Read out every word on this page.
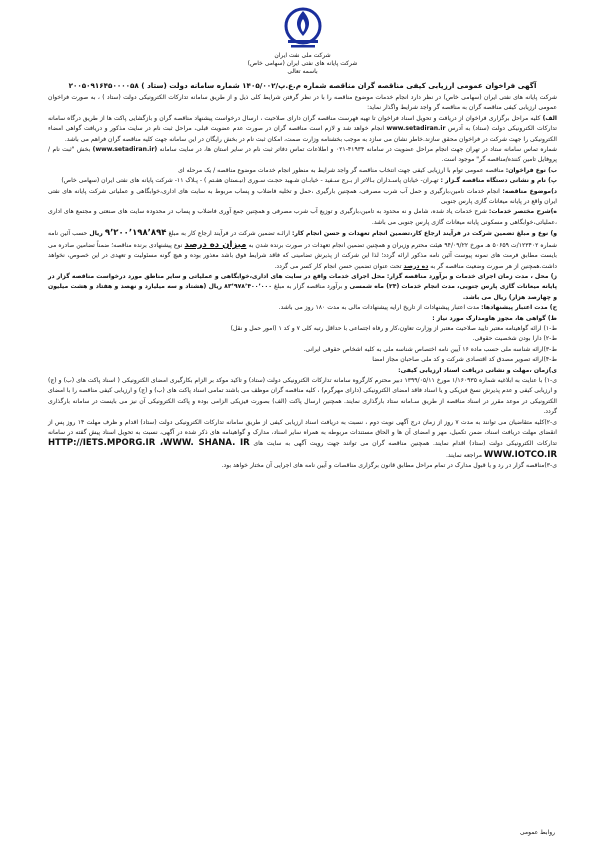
شرکت ملی نفت ایران
شرکت پایانه های نفتی ایران (سهامی خاص)
باسمه تعالی
آگهی فراخوان عمومی ارزیابی کیفی مناقصه گران مناقصه شماره م.ع.پ/۱۴۰۵/۰۰۲ شماره سامانه دولت (ستاد ) ۲۰۰۵۰۹۱۶۴۵۰۰۰۰۵۸

شرکت پایانه های نفتی ایران (سهامی خاص) در نظر دارد انجام خدمات موضوع مناقصه را با در نظر گرفتن شرایط کلی ذیل و از طریق سامانه تدارکات الکترونیکی دولت (ستاد ) ، به صورت فراخوان عمومی ارزیابی کیفی مناقصه گران به مناقصه گر واجد شرایط واگذار نماید:

الف) کلیه مراحل برگزاری فراخوان از دریافت و تحویل اسناد فراخوان تا تهیه فهرست مناقصه گران دارای صلاحیت ، ارسال درخواست پیشنهاد مناقصه گران و بازگشایی پاکت ها از طریق درگاه سامانه تدارکات الکترونیکی دولت (ستاد) به آدرس www.setadiran.ir انجام خواهد شد و لازم است مناقصه گران در صورت عدم عضویت قبلی، مراحل ثبت نام در سایت مذکور و دریافت گواهی امضاء الکترونیکی را جهت شرکت در فراخوان محقق سازند.خاطر نشان می سازد به موجب بخشنامه وزارت صمت، امکان ثبت نام در بخش رایگان در این سامانه جهت کلیه مناقصه گران فراهم می باشد.

شماره تماس سامانه ستاد در تهران جهت انجام مراحل عضویت در سامانه ۴۱۹۳۴-۰۲۱ و اطلاعات تماس دفاتر ثبت نام در سایر استان ها، در سایت سامانه (www.setadiran.ir) بخش "ثبت نام / پروفایل تامین کننده/مناقصه گر" موجود است.

ب) نوع فراخوان: مناقصه عمومی توام با ارزیابی کیفی جهت انتخاب مناقصه گر واجد شرایط به منظور انجام خدمات موضوع مناقصه / یک مرحله ای

پ) نام و نشانی دستگاه مناقصه گـزار : تهـران- خیابان پاسـداران بـالاتر از بـرج سـفید - خیابـان شـهید حجـت سـوری (نیـستان هفـتم ) - پـلاک ۱۱- شرکت پایانه های نفتی ایران (سهامی خاص)

د)موضوع مناقصه: انجام خدمات تامین،بارگیری و حمل آب شرب مصرفی، همچنین بارگیری ،حمل و تخلیه فاضلاب و پساب مربوط به سایت های اداری،خوابگاهی و عملیاتی شرکت پایانه های نفتی ایران واقع در پایانه میعانات گازی پارس جنوبی

ه)شرح مختصر خدمات: شرح خدمات یاد شده، شامل و نه محدود به تامین،بارگیری و توزیع آب شرب مصرفی و همچنین جمع آوری فاضلاب و پساب در محدوده سایت های صنعتی و مجتمع های اداری ،عملیاتی،خوابگاهی و مسکونی پایانه میعانات گازی پارس جنوبی می باشد.

و) نوع و مبلغ تضمین شرکت در فرآیند ارجاع کار،تضمین انجام تعهدات و حسن انجام کار: ارائـه تضمین شرکت در فرآیند ارجاع کار به مبلغ ۹٬۲۰۰٬۱۹۸٬۸۹۴ ریال حسب آئین نامه شماره ۱۲۳۴۰۲/ت ۵۰۶۵۹ هـ مورخ ۹۴/۰۹/۲۲ هیئت محترم وزیران و همچنین تضمین انجام تعهدات در صورت برنده شدن به میزان ده درصد نوع پیشنهادی برنده مناقصه؛ ضمناً تضامین صادره می بایست مطابق فرمت های نمونه پیوست آئین نامه مذکور ارائه گردد؛ لذا این شرکت از پذیرش تضامینی که فاقد شرایط فوق باشد معذور بوده و هیچ گونه مسئولیت و تعهدی در این خصوص، نخواهد داشت.همچنین از هر صورت وضعیت مناقصه گر به ده درصد تحت عنوان تضمین حسن انجام کار کسر می گردد.

ز) محل ، مدت زمان اجرای خدمات و برآورد مناقصه گزار: محل اجرای خدمات واقع در سایت های اداری،خوابگاهی و عملیاتی و سایر مناطق مورد درخواست مناقصه گزار در پایانه میعانات گازی پارس جنوبی، مدت انجام خدمات (۲۴) ماه شمسی و برآورد مناقصه گزار به مبلغ ۸۳٬۹۷۸٬۴۰۰٬۰۰۰ ریال (هشتاد و سه میلیارد و نهصد و هفتاد و هشت میلیون و چهارصد هزار) ریال می باشد.

ح) مدت اعتبار پیشنهادها: مدت اعتبار پیشنهادات از تاریخ ارایه پیشنهادات مالی به مدت ۱۸۰ روز می باشد.

ط) گواهی ها، مجوز هاومدارک مورد نیاز :

ط-۱) ارائه گواهینامه معتبر تایید صلاحیت معتبر از وزارت تعاون،کار و رفاه اجتماعی با حداقل رتبه کلی ۷ و کد ۱ (امور حمل و نقل)

ط-۲) دارا بودن شخصیت حقوقی.

ط-۳)ارائه شناسه ملی حسب ماده ۱۶ آیین نامه اختصاص شناسه ملی به کلیه اشخاص حقوقی ایرانی.

ط-۴)ارائه تصویر مصدق کد اقتصادی شرکت و کد ملی صاحبان مجاز امضا

ی)زمان ،مهلت و نشانی دریافت اسناد ارزیابی کیفی:

ی-۱) با عنایت به ابلاغیه شماره ۱/۱۶۰۹۳۵ مورخ ۱۳۹۹/۰۵/۱۱ دبیر محترم کارگروه سامانه تدارکات الکترونیکی دولت (ستاد) و تاکید موکد بر الزام بکارگیری امضای الکترونیکی ( اسناد پاکت های (ب) و (ج) و ارزیابی کیفی و عدم پذیرش نسخ فیزیکی و یا اسناد فاقد امضای الکترونیکی (دارای مهرگرم) ، کلیه مناقصه گران موظف می باشند تمامی اسناد پاکت های (ب) و (ج) و ارزیابی کیفی مناقصه را با امضای الکترونیکی در موعد مقرر در اسناد مناقصه از طریق سـامانه ستاد بارگذاری نمایند. همچنین ارسال پاکت (الف) بصورت فیزیکی الزامی بوده و پاکت الکترونیکی آن نیز می بایست در سامانه بارگذاری گردد.

ی-۲)کلیه متقاضیان می توانند به مدت ۷ روز از زمان درج آگهی نوبت دوم ، نسبت به دریافت اسناد ارزیابی کیفی از طریق سامانه تدارکات الکترونیکی دولت (ستاد) اقدام و ظرف مهلت ۱۴ روز پس از انقضای مهلت دریافت اسناد، ضمن تکمیل، مهر و امضای آن ها و الحاق مستندات مربوطه به همراه سایر اسناد، مدارک و گواهینامه های ذکر شده در آگهی، نسبت به تحویل اسناد پیش گفته در سامانه تدارکات الکترونیکی دولت (ستاد) اقدام نمایند. همچنین مناقصه گران می توانند جهت رویت آگهی به سایت های HTTP://IETS.MPORG.IR ،WWW. SHANA. IR WWW.IOTCO.IR مراجعه نمایند.

ی-۳)مناقصه گزار در رد و یا قبول مدارک در تمام مراحل مطابق قانون برگزاری مناقصات و آیین نامه های اجرایی آن مختار خواهد بود.

روابط عمومی
